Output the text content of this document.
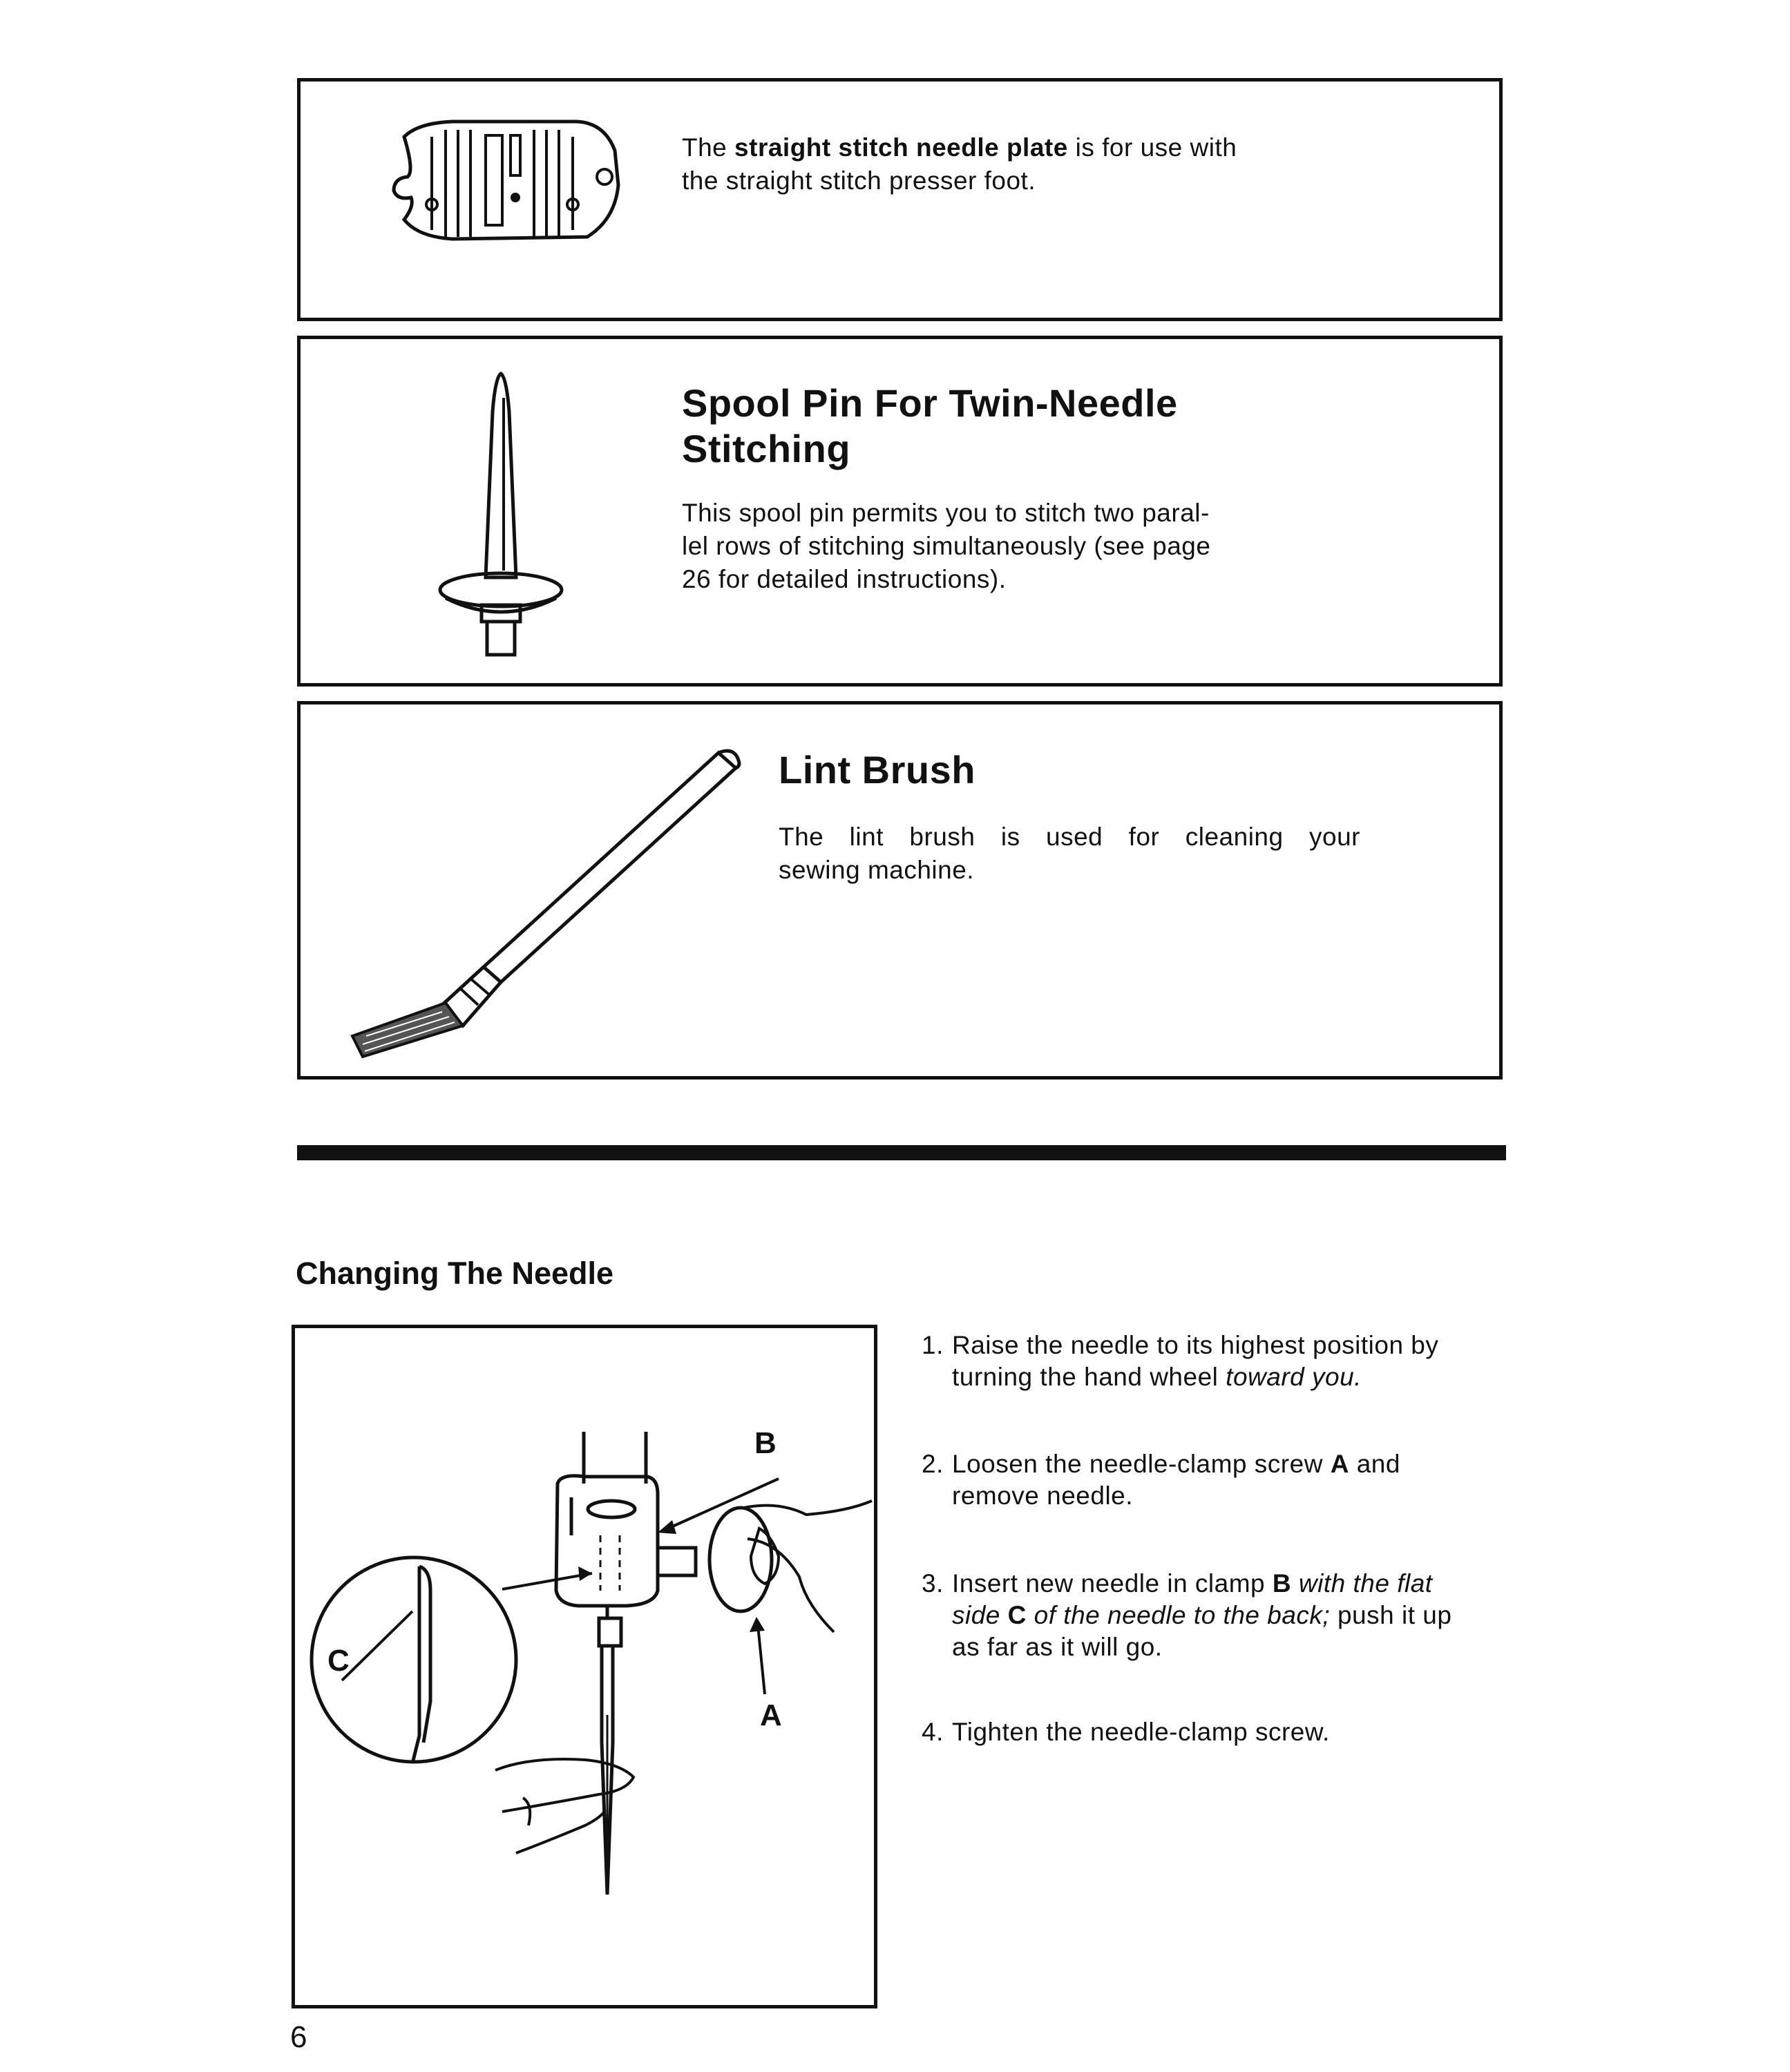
The straight stitch needle plate is for use with
the straight stitch presser foot.
Spool Pin For Twin-Needle
Stitching
This spool pin permits you to stitch two paral-
lel rows of stitching simultaneously (see page
26 for detailed instructions).
Lint Brush
The lint brush is used for cleaning your
sewing machine.
Changing The Needle
A
B
C
1. Raise the needle to its highest position by
turning the hand wheel toward you.
2. Loosen the needle-clamp screw A and
remove needle.
3. Insert new needle in clamp B with the flat
side C of the needle to the back; push it up
as far as it will go.
4. Tighten the needle-clamp screw.
6
